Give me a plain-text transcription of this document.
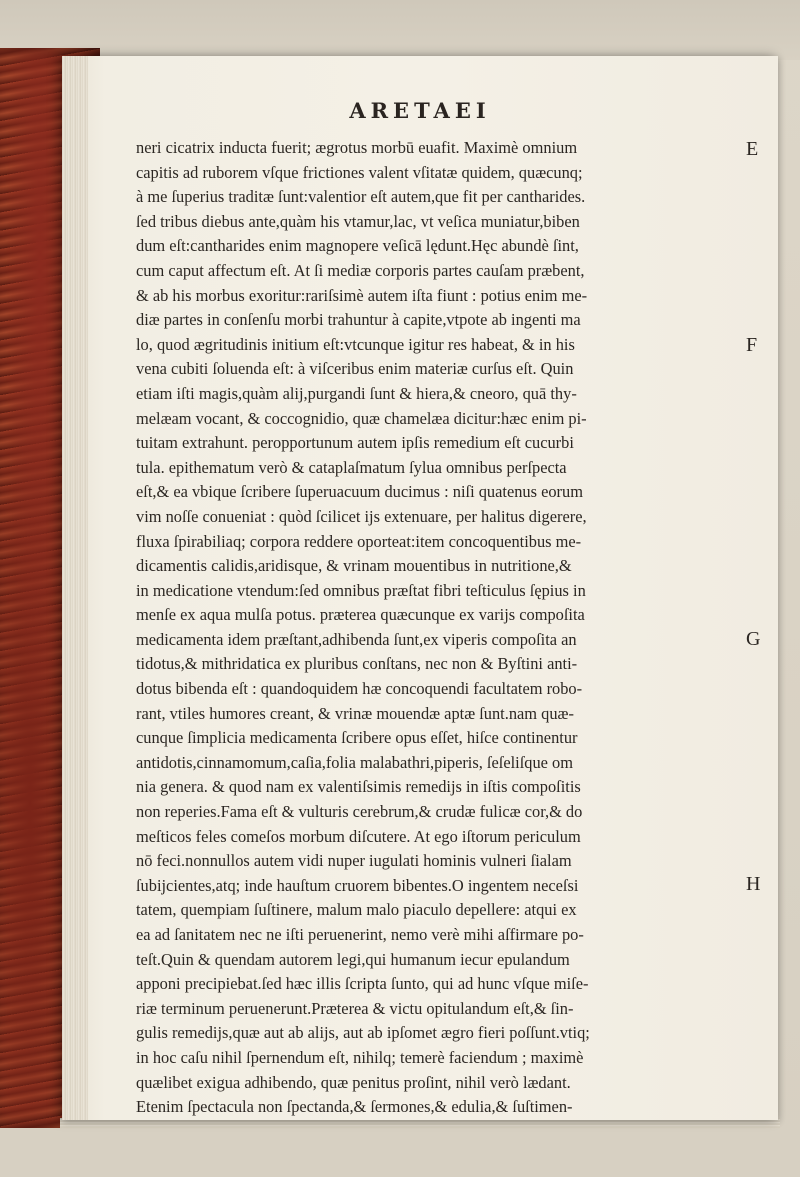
ARETAEI
neri cicatrix inducta fuerit; ægrotus morbū euafit. Maximè omnium
capitis ad ruborem vſque frictiones valent vſitatæ quidem, quæcunq;
à me ſuperius traditæ ſunt:valentior eſt autem,que fit per cantharides.
ſed tribus diebus ante,quàm his vtamur,lac, vt veſica muniatur,biben
dum eſt:cantharides enim magnopere veſicā lędunt.Hęc abundè ſint,
cum caput affectum eſt. At ſi mediæ corporis partes cauſam præbent,
& ab his morbus exoritur:rariſsimè autem iſta fiunt : potius enim me-
diæ partes in conſenſu morbi trahuntur à capite,vtpote ab ingenti ma
lo, quod ægritudinis initium eſt:vtcunque igitur res habeat, & in his
vena cubiti ſoluenda eſt: à viſceribus enim materiæ curſus eſt. Quin
etiam iſti magis,quàm alij,purgandi ſunt & hiera,& cneoro, quā thy-
melæam vocant, & coccognidio, quæ chamelæa dicitur:hæc enim pi-
tuitam extrahunt. peropportunum autem ipſis remedium eſt cucurbi
tula. epithematum verò & cataplaſmatum ſylua omnibus perſpecta
eſt,& ea vbique ſcribere ſuperuacuum ducimus : niſi quatenus eorum
vim noſſe conueniat : quòd ſcilicet ijs extenuare, per halitus digerere,
fluxa ſpirabiliaq; corpora reddere oporteat:item concoquentibus me-
dicamentis calidis,aridisque, & vrinam mouentibus in nutritione,&
in medicatione vtendum:ſed omnibus præſtat fibri teſticulus ſępius in
menſe ex aqua mulſa potus. præterea quæcunque ex varijs compoſita
medicamenta idem præſtant,adhibenda ſunt,ex viperis compoſita an
tidotus,& mithridatica ex pluribus conſtans, nec non & Byſtini anti-
dotus bibenda eſt : quandoquidem hæ concoquendi facultatem robo-
rant, vtiles humores creant, & vrinæ mouendæ aptæ ſunt.nam quæ-
cunque ſimplicia medicamenta ſcribere opus eſſet, hiſce continentur
antidotis,cinnamomum,caſia,folia malabathri,piperis, ſeſeliſque om
nia genera. & quod nam ex valentiſsimis remedijs in iſtis compoſitis
non reperies.Fama eſt & vulturis cerebrum,& crudæ fulicæ cor,& do
meſticos feles comeſos morbum diſcutere. At ego iſtorum periculum
nō feci.nonnullos autem vidi nuper iugulati hominis vulneri ſialam
ſubijcientes,atq; inde hauſtum cruorem bibentes.O ingentem neceſsi
tatem, quempiam ſuſtinere, malum malo piaculo depellere: atqui ex
ea ad ſanitatem nec ne iſti peruenerint, nemo verè mihi aſfirmare po-
teſt.Quin & quendam autorem legi,qui humanum iecur epulandum
apponi precipiebat.ſed hæc illis ſcripta ſunto, qui ad hunc vſque miſe-
riæ terminum peruenerunt.Præterea & victu opitulandum eſt,& ſin-
gulis remedijs,quæ aut ab alijs, aut ab ipſomet ægro fieri poſſunt.vtiq;
in hoc caſu nihil ſpernendum eſt, nihilq; temerè faciendum ; maximè
quælibet exigua adhibendo, quæ penitus proſint, nihil verò lædant.
Etenim ſpectacula non ſpectanda,& ſermones,& edulia,& ſuſtimen-
E
F
G
H
